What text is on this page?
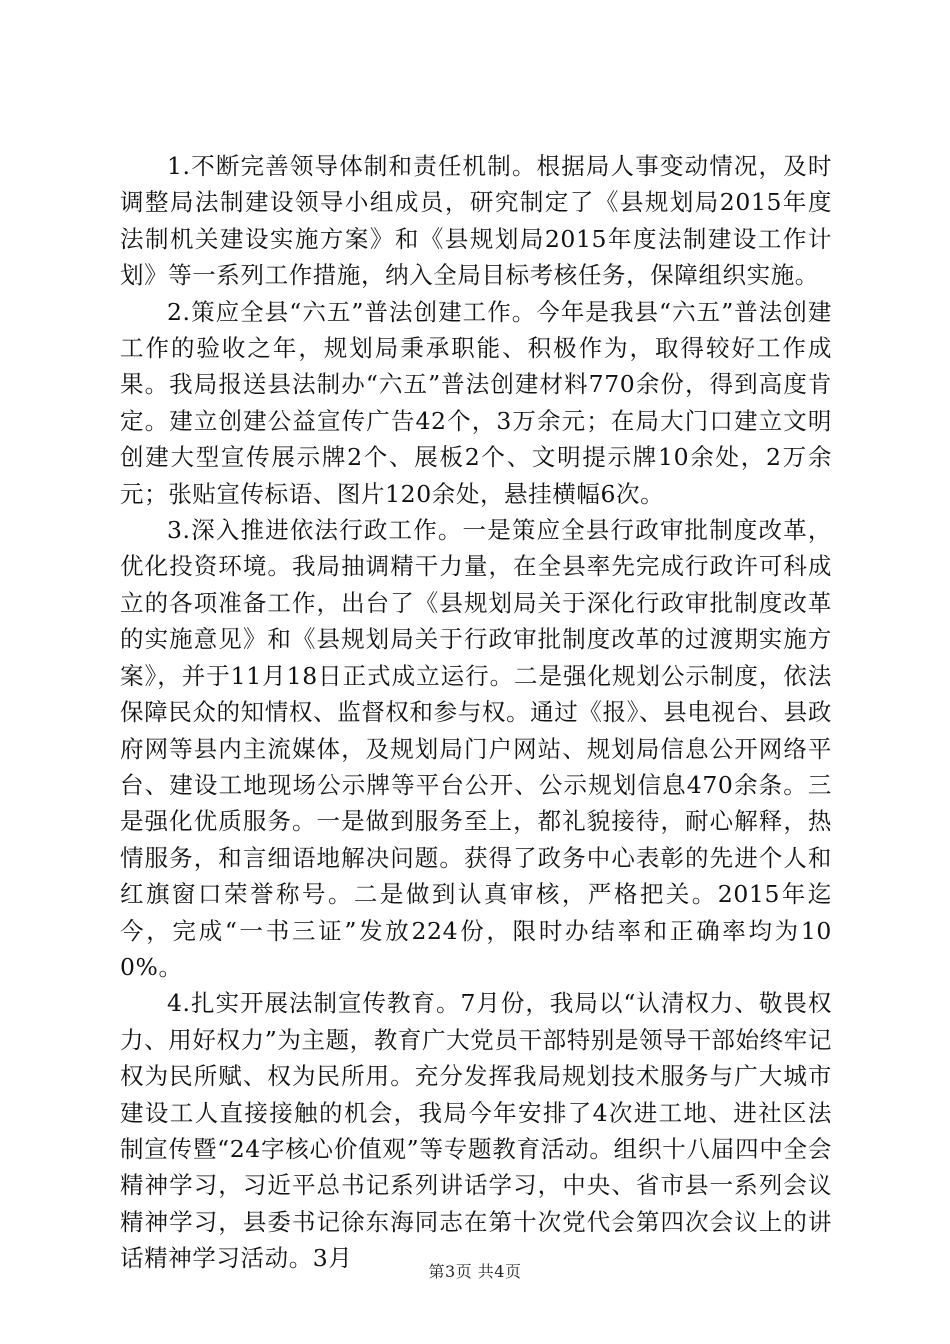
1.不断完善领导体制和责任机制。根据局人事变动情况，及时调整局法制建设领导小组成员，研究制定了《县规划局2015年度法制机关建设实施方案》和《县规划局2015年度法制建设工作计划》等一系列工作措施，纳入全局目标考核任务，保障组织实施。

2.策应全县“六五”普法创建工作。今年是我县“六五”普法创建工作的验收之年，规划局秉承职能、积极作为，取得较好工作成果。我局报送县法制办“六五”普法创建材料770余份，得到高度肯定。建立创建公益宣传广告42个，3万余元；在局大门口建立文明创建大型宣传展示牌2个、展板2个、文明提示牌10余处，2万余元；张贴宣传标语、图片120余处，悬挂横幅6次。

3.深入推进依法行政工作。一是策应全县行政审批制度改革，优化投资环境。我局抽调精干力量，在全县率先完成行政许可科成立的各项准备工作，出台了《县规划局关于深化行政审批制度改革的实施意见》和《县规划局关于行政审批制度改革的过渡期实施方案》，并于11月18日正式成立运行。二是强化规划公示制度，依法保障民众的知情权、监督权和参与权。通过《报》、县电视台、县政府网等县内主流媒体，及规划局门户网站、规划局信息公开网络平台、建设工地现场公示牌等平台公开、公示规划信息470余条。三是强化优质服务。一是做到服务至上，都礼貌接待，耐心解释，热情服务，和言细语地解决问题。获得了政务中心表彰的先进个人和红旗窗口荣誉称号。二是做到认真审核，严格把关。2015年迄今，完成“一书三证”发放224份，限时办结率和正确率均为100%。

4.扎实开展法制宣传教育。7月份，我局以“认清权力、敬畏权力、用好权力”为主题，教育广大党员干部特别是领导干部始终牢记权为民所赋、权为民所用。充分发挥我局规划技术服务与广大城市建设工人直接接触的机会，我局今年安排了4次进工地、进社区法制宣传暨“24字核心价值观”等专题教育活动。组织十八届四中全会精神学习，习近平总书记系列讲话学习，中央、省市县一系列会议精神学习，县委书记徐东海同志在第十次党代会第四次会议上的讲话精神学习活动。3月	第3页 共4页
